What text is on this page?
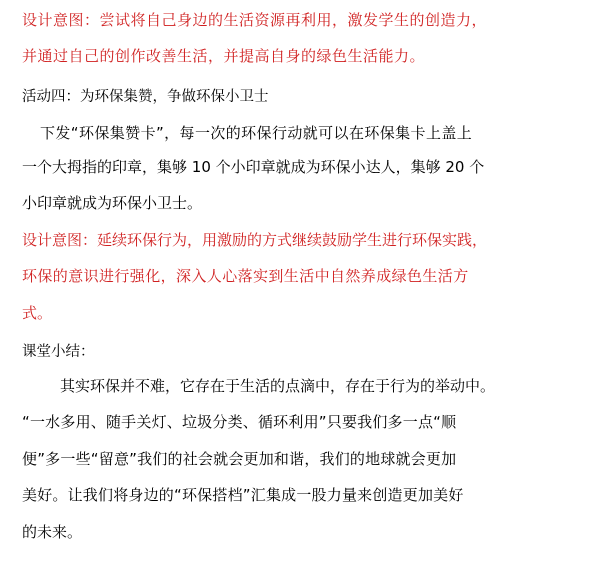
设计意图：尝试将自己身边的生活资源再利用，激发学生的创造力，
并通过自己的创作改善生活，并提高自身的绿色生活能力。
活动四：为环保集赞，争做环保小卫士
下发“环保集赞卡”，每一次的环保行动就可以在环保集卡上盖上
一个大拇指的印章，集够 10 个小印章就成为环保小达人，集够 20 个
小印章就成为环保小卫士。
设计意图：延续环保行为，用激励的方式继续鼓励学生进行环保实践，
环保的意识进行强化，深入人心落实到生活中自然养成绿色生活方
式。
课堂小结：
其实环保并不难，它存在于生活的点滴中，存在于行为的举动中。
“一水多用、随手关灯、垃圾分类、循环利用”只要我们多一点“顺
便”多一些“留意”我们的社会就会更加和谐，我们的地球就会更加
美好。让我们将身边的“环保搭档”汇集成一股力量来创造更加美好
的未来。
